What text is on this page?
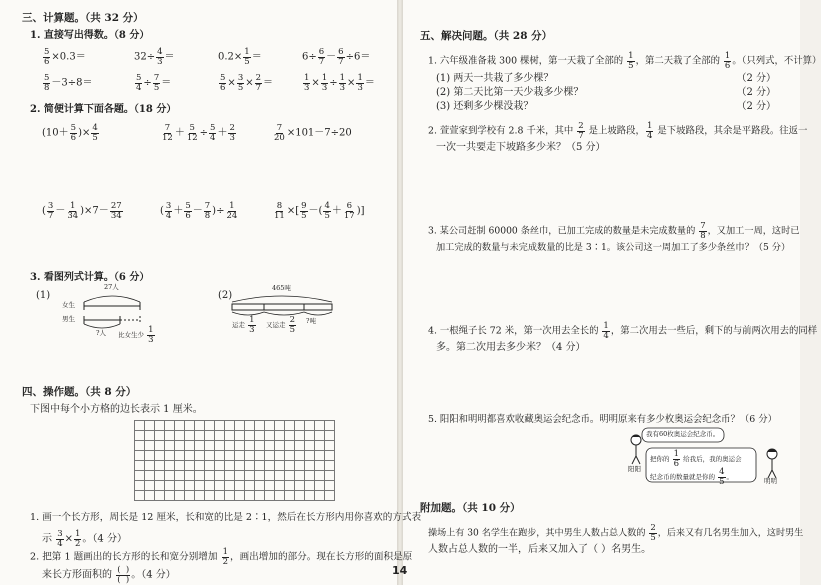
三、计算题。（共 32 分）
1. 直接写出得数。（8 分）
$\frac{5}{6} \times 0.3=$	$32\div \frac{4}{3}$ ＝	$0.2\times \frac{1}{5}$ ＝	$6\div \frac{6}{7} - \frac{6}{7} \div 6=$
$\frac{5}{8} -3\div 8=$	$\frac{5}{4} \div \frac{7}{5}$ ＝	$\frac{5}{6} \times \frac{3}{5} \times \frac{2}{7}$ ＝	$\frac{1}{3} \times \frac{1}{3} \div \frac{1}{3} \times \frac{1}{3}$ ＝
2. 简便计算下面各题。（18 分）
($10+ \frac{5}{6}$ )× $\frac{4}{5}$	$\frac{7}{12} + \frac{5}{12} \div \frac{5}{4} + \frac{2}{3}$	$\frac{7}{20} \times 101-7\div 20$
( $\frac{3}{7} - \frac{1}{34} )\times 7- \frac{27}{34}$	( $\frac{3}{4} + \frac{5}{6} - \frac{7}{8}$ )÷ $\frac{1}{24}$	$\frac{8}{11}$ ×[ $\frac{9}{5}$ －( $\frac{4}{5} + \frac{6}{17}$ )]
3. 看图列式计算。（6 分）
(1)
27人
女生
男生
?人 比女生少 $\frac{1}{3}$
(2)
465吨
运走 $\frac{1}{3}$ 又运走 $\frac{2}{5}$ ?吨
四、操作题。（共 8 分）
下图中每个小方格的边长表示 1 厘米。
1. 画一个长方形，周长是 12 厘米，长和宽的比是 2∶1，然后在长方形内用你喜欢的方式表
示 $\frac{3}{4} \times \frac{1}{2}$ 。（4 分）
2. 把第 1 题画出的长方形的长和宽分别增加 $\frac{1}{2}$ ，画出增加的部分。现在长方形的面积是原
来长方形面积的 $\frac{( )}{( )}$ 。（4 分）	14
五、解决问题。（共 28 分）
1. 六年级准备栽 300 棵树，第一天栽了全部的 $\frac{1}{5}$ ，第二天栽了全部的 $\frac{1}{6}$ 。（只列式，不计算）
(1) 两天一共栽了多少棵？	（2 分）
(2) 第二天比第一天少栽多少棵？	（2 分）
(3) 还剩多少棵没栽？	（2 分）
2. 萱萱家到学校有 2.8 千米，其中 $\frac{2}{7}$ 是上坡路段， $\frac{1}{4}$ 是下坡路段，其余是平路段。往返一
一次一共要走下坡路多少米？（5 分）
3. 某公司赶制 60000 条丝巾，已加工完成的数量是未完成数量的 $\frac{7}{8}$ ，又加工一周，这时已
加工完成的数量与未完成数量的比是 3∶1。该公司这一周加工了多少条丝巾？（5 分）
4. 一根绳子长 72 米，第一次用去全长的 $\frac{1}{4}$ ，第二次用去一些后，剩下的与前两次用去的同样
多。第二次用去多少米？（4 分）
5. 阳阳和明明都喜欢收藏奥运会纪念币。明明原来有多少枚奥运会纪念币？（6 分）
我有60枚奥运会纪念币。
把你的 $\frac{1}{6}$ 给我后，我的奥运会
纪念币的数量就是你的 $\frac{4}{5}$ 。
阳阳
明明
附加题。（共 10 分）
操场上有 30 名学生在跑步，其中男生人数占总人数的 $\frac{2}{5}$ ，后来又有几名男生加入，这时男生
人数占总人数的一半，后来又加入了（ ）名男生。
